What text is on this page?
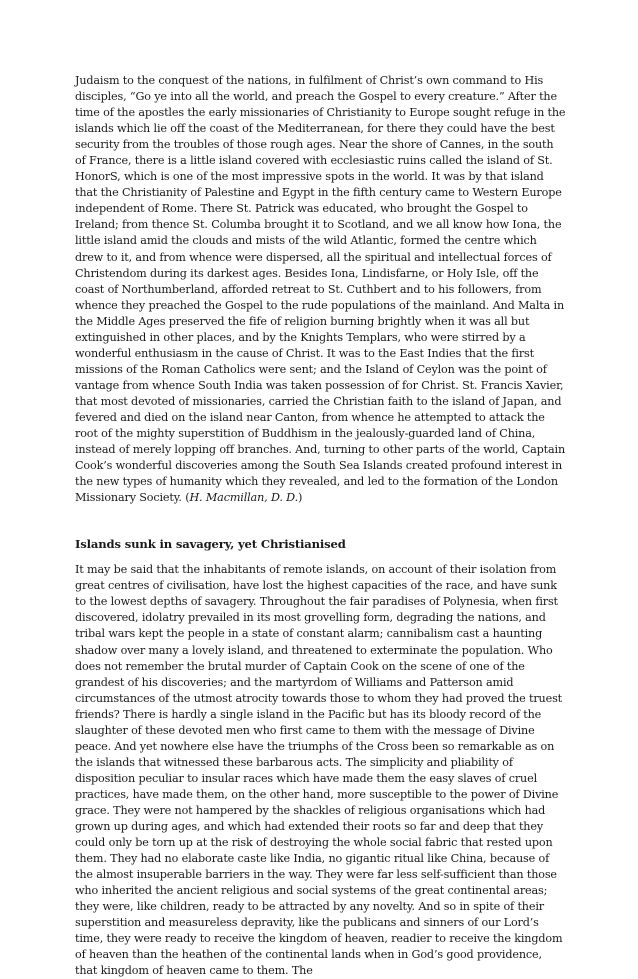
Judaism to the conquest of the nations, in fulfilment of Christ’s own command to His disciples, “Go ye into all the world, and preach the Gospel to every creature.” After the time of the apostles the early missionaries of Christianity to Europe sought refuge in the islands which lie off the coast of the Mediterranean, for there they could have the best security from the troubles of those rough ages. Near the shore of Cannes, in the south of France, there is a little island covered with ecclesiastic ruins called the island of St. HonorS, which is one of the most impressive spots in the world. It was by that island that the Christianity of Palestine and Egypt in the fifth century came to Western Europe independent of Rome. There St. Patrick was educated, who brought the Gospel to Ireland; from thence St. Columba brought it to Scotland, and we all know how Iona, the little island amid the clouds and mists of the wild Atlantic, formed the centre which drew to it, and from whence were dispersed, all the spiritual and intellectual forces of Christendom during its darkest ages. Besides Iona, Lindisfarne, or Holy Isle, off the coast of Northumberland, afforded retreat to St. Cuthbert and to his followers, from whence they preached the Gospel to the rude populations of the mainland. And Malta in the Middle Ages preserved the fife of religion burning brightly when it was all but extinguished in other places, and by the Knights Templars, who were stirred by a wonderful enthusiasm in the cause of Christ. It was to the East Indies that the first missions of the Roman Catholics were sent; and the Island of Ceylon was the point of vantage from whence South India was taken possession of for Christ. St. Francis Xavier, that most devoted of missionaries, carried the Christian faith to the island of Japan, and fevered and died on the island near Canton, from whence he attempted to attack the root of the mighty superstition of Buddhism in the jealously-guarded land of China, instead of merely lopping off branches. And, turning to other parts of the world, Captain Cook’s wonderful discoveries among the South Sea Islands created profound interest in the new types of humanity which they revealed, and led to the formation of the London Missionary Society. (H. Macmillan, D. D.)

Islands sunk in savagery, yet Christianised

It may be said that the inhabitants of remote islands, on account of their isolation from great centres of civilisation, have lost the highest capacities of the race, and have sunk to the lowest depths of savagery. Throughout the fair paradises of Polynesia, when first discovered, idolatry prevailed in its most grovelling form, degrading the nations, and tribal wars kept the people in a state of constant alarm; cannibalism cast a haunting shadow over many a lovely island, and threatened to exterminate the population. Who does not remember the brutal murder of Captain Cook on the scene of one of the grandest of his discoveries; and the martyrdom of Williams and Patterson amid circumstances of the utmost atrocity towards those to whom they had proved the truest friends? There is hardly a single island in the Pacific but has its bloody record of the slaughter of these devoted men who first came to them with the message of Divine peace. And yet nowhere else have the triumphs of the Cross been so remarkable as on the islands that witnessed these barbarous acts. The simplicity and pliability of disposition peculiar to insular races which have made them the easy slaves of cruel practices, have made them, on the other hand, more susceptible to the power of Divine grace. They were not hampered by the shackles of religious organisations which had grown up during ages, and which had extended their roots so far and deep that they could only be torn up at the risk of destroying the whole social fabric that rested upon them. They had no elaborate caste like India, no gigantic ritual like China, because of the almost insuperable barriers in the way. They were far less self-sufficient than those who inherited the ancient religious and social systems of the great continental areas; they were, like children, ready to be attracted by any novelty. And so in spite of their superstition and measureless depravity, like the publicans and sinners of our Lord’s time, they were ready to receive the kingdom of heaven, readier to receive the kingdom of heaven than the heathen of the continental lands when in God’s good providence, that kingdom of heaven came to them. The
